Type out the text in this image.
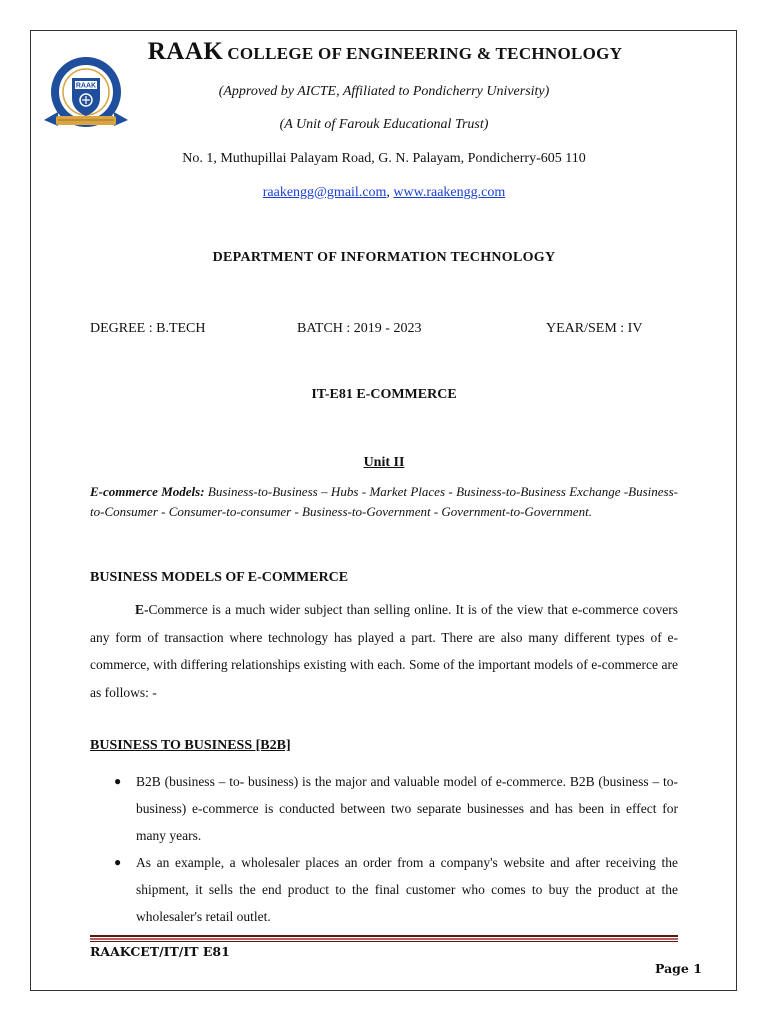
RAAK
RAAK COLLEGE OF ENGINEERING & TECHNOLOGY
(Approved by AICTE, Affiliated to Pondicherry University)
(A Unit of Farouk Educational Trust)
No. 1, Muthupillai Palayam Road, G. N. Palayam, Pondicherry-605 110
raakengg@gmail.com, www.raakengg.com
DEPARTMENT OF INFORMATION TECHNOLOGY
DEGREE : B.TECH	BATCH : 2019 - 2023	YEAR/SEM : IV
IT-E81 E-COMMERCE
Unit II
E-commerce Models: Business-to-Business – Hubs - Market Places - Business-to-Business Exchange -Business-to-Consumer - Consumer-to-consumer - Business-to-Government - Government-to-Government.
BUSINESS MODELS OF E-COMMERCE
E-Commerce is a much wider subject than selling online. It is of the view that e-commerce covers any form of transaction where technology has played a part. There are also many different types of e-commerce, with differing relationships existing with each. Some of the important models of e-commerce are as follows: -
BUSINESS TO BUSINESS [B2B]
● B2B (business – to- business) is the major and valuable model of e-commerce. B2B (business – to- business) e-commerce is conducted between two separate businesses and has been in effect for many years.
● As an example, a wholesaler places an order from a company's website and after receiving the shipment, it sells the end product to the final customer who comes to buy the product at the wholesaler's retail outlet.
RAAKCET/IT/IT E81
Page 1
